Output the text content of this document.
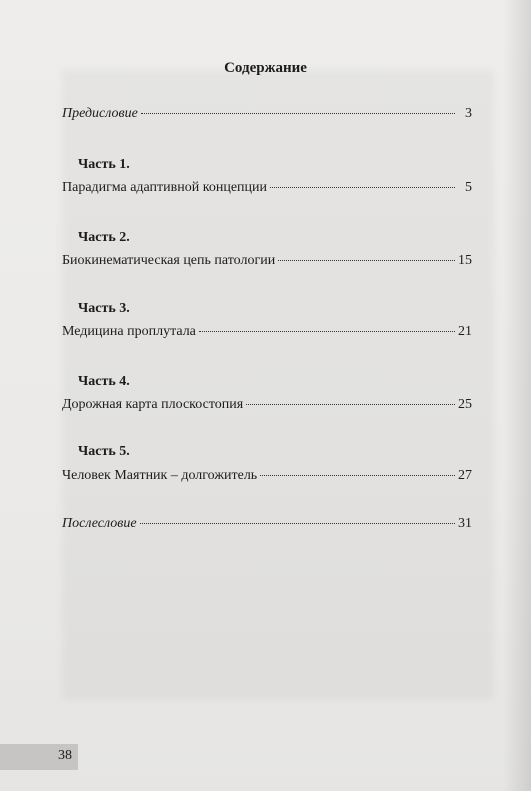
Содержание
Предисловие	3
Часть 1.
Парадигма адаптивной концепции	5
Часть 2.
Биокинематическая цепь патологии	15
Часть 3.
Медицина проплутала	21
Часть 4.
Дорожная карта плоскостопия	25
Часть 5.
Человек Маятник – долгожитель	27
Послесловие	31
38
